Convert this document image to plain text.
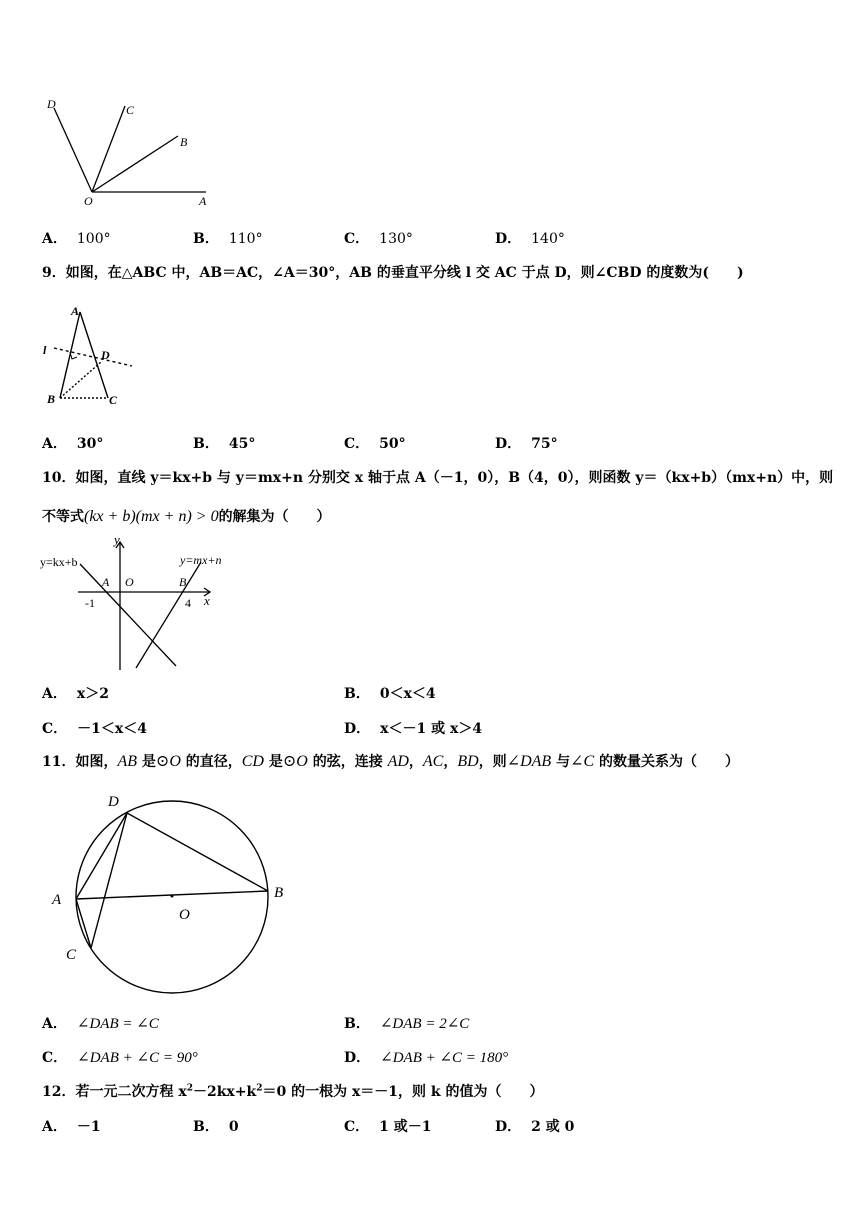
D	C
B
O	A
A． 100°	B． 110°	C． 130°	D． 140°
9．如图，在△ABC 中，AB＝AC，∠A＝30°，AB 的垂直平分线 l 交 AC 于点 D，则∠CBD 的度数为(　　)
A
l	D
B	C
A． 30°	B． 45°	C． 50°	D． 75°
10．如图，直线 y＝kx+b 与 y＝mx+n 分别交 x 轴于点 A（－1，0），B（4，0），则函数 y＝（kx+b）（mx+n）中，则
不等式(kx + b)(mx + n) > 0的解集为（　　）
y
y=kx+b	y=mx+n
A O	B
-1	4 x
A． x＞2	B． 0＜x＜4
C． －1＜x＜4	D． x＜－1 或 x＞4
11．如图，AB 是⊙O 的直径，CD 是⊙O 的弦，连接 AD，AC，BD，则∠DAB 与∠C 的数量关系为（　　）
D
A	B
C
O
A． ∠DAB = ∠C	B． ∠DAB = 2∠C
C． ∠DAB + ∠C = 90°	D． ∠DAB + ∠C = 180°
12．若一元二次方程 $x^2-2kx+k^2=0$ 的一根为 x＝－1，则 k 的值为（　　）
A． －1	B． 0	C． 1 或－1	D． 2 或 0
